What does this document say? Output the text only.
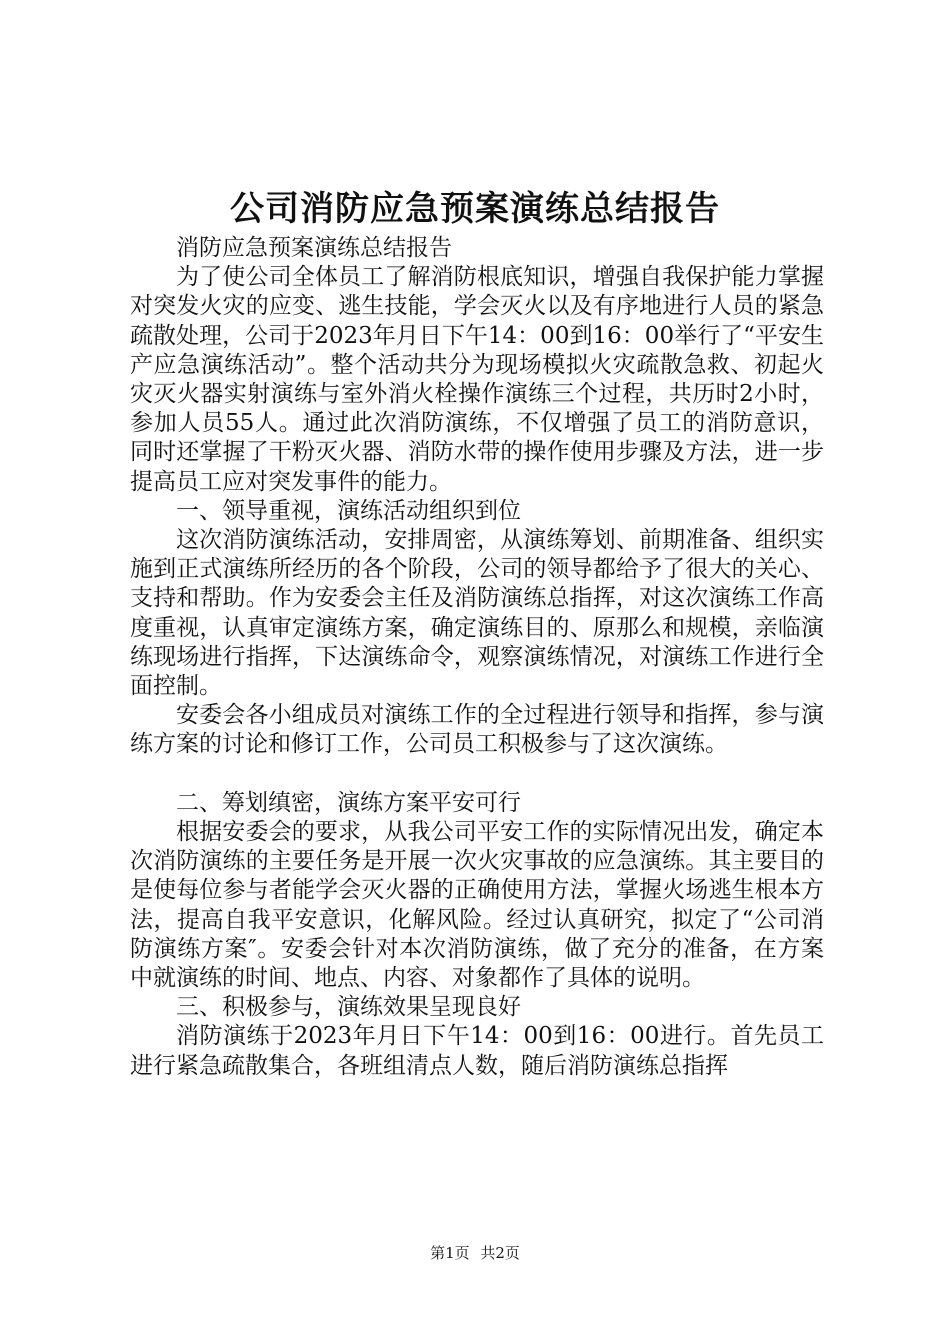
公司消防应急预案演练总结报告

消防应急预案演练总结报告

为了使公司全体员工了解消防根底知识，增强自我保护能力掌握对突发火灾的应变、逃生技能，学会灭火以及有序地进行人员的紧急疏散处理，公司于2023年月日下午14：00到16：00举行了“平安生产应急演练活动”。整个活动共分为现场模拟火灾疏散急救、初起火灾灭火器实射演练与室外消火栓操作演练三个过程，共历时2小时，参加人员55人。通过此次消防演练，不仅增强了员工的消防意识，同时还掌握了干粉灭火器、消防水带的操作使用步骤及方法，进一步提高员工应对突发事件的能力。

一、领导重视，演练活动组织到位

这次消防演练活动，安排周密，从演练筹划、前期准备、组织实施到正式演练所经历的各个阶段，公司的领导都给予了很大的关心、支持和帮助。作为安委会主任及消防演练总指挥，对这次演练工作高度重视，认真审定演练方案，确定演练目的、原那么和规模，亲临演练现场进行指挥，下达演练命令，观察演练情况，对演练工作进行全面控制。

安委会各小组成员对演练工作的全过程进行领导和指挥，参与演练方案的讨论和修订工作，公司员工积极参与了这次演练。

二、筹划缜密，演练方案平安可行

根据安委会的要求，从我公司平安工作的实际情况出发，确定本次消防演练的主要任务是开展一次火灾事故的应急演练。其主要目的是使每位参与者能学会灭火器的正确使用方法，掌握火场逃生根本方法，提高自我平安意识，化解风险。经过认真研究，拟定了“公司消防演练方案″。安委会针对本次消防演练，做了充分的准备，在方案中就演练的时间、地点、内容、对象都作了具体的说明。

三、积极参与，演练效果呈现良好

消防演练于2023年月日下午14：00到16：00进行。首先员工进行紧急疏散集合，各班组清点人数，随后消防演练总指挥

第1页 共2页
